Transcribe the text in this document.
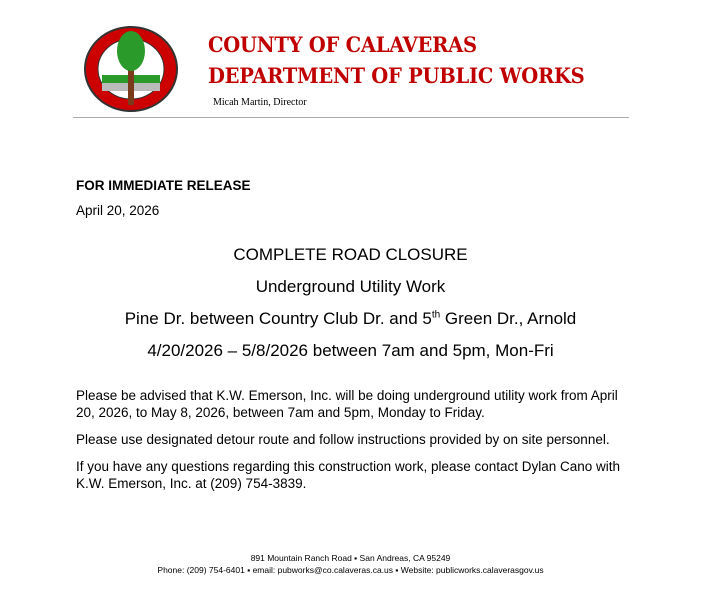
COUNTY OF CALAVERAS
DEPARTMENT OF PUBLIC WORKS
Micah Martin, Director
FOR IMMEDIATE RELEASE
April 20, 2026
COMPLETE ROAD CLOSURE
Underground Utility Work
Pine Dr. between Country Club Dr. and 5th Green Dr., Arnold
4/20/2026 – 5/8/2026 between 7am and 5pm, Mon-Fri

Please be advised that K.W. Emerson, Inc. will be doing underground utility work from April 20, 2026, to May 8, 2026, between 7am and 5pm, Monday to Friday.

Please use designated detour route and follow instructions provided by on site personnel.

If you have any questions regarding this construction work, please contact Dylan Cano with K.W. Emerson, Inc. at (209) 754-3839.

891 Mountain Ranch Road ▪ San Andreas, CA 95249
Phone: (209) 754-6401 ▪ email: pubworks@co.calaveras.ca.us ▪ Website: publicworks.calaverasgov.us
